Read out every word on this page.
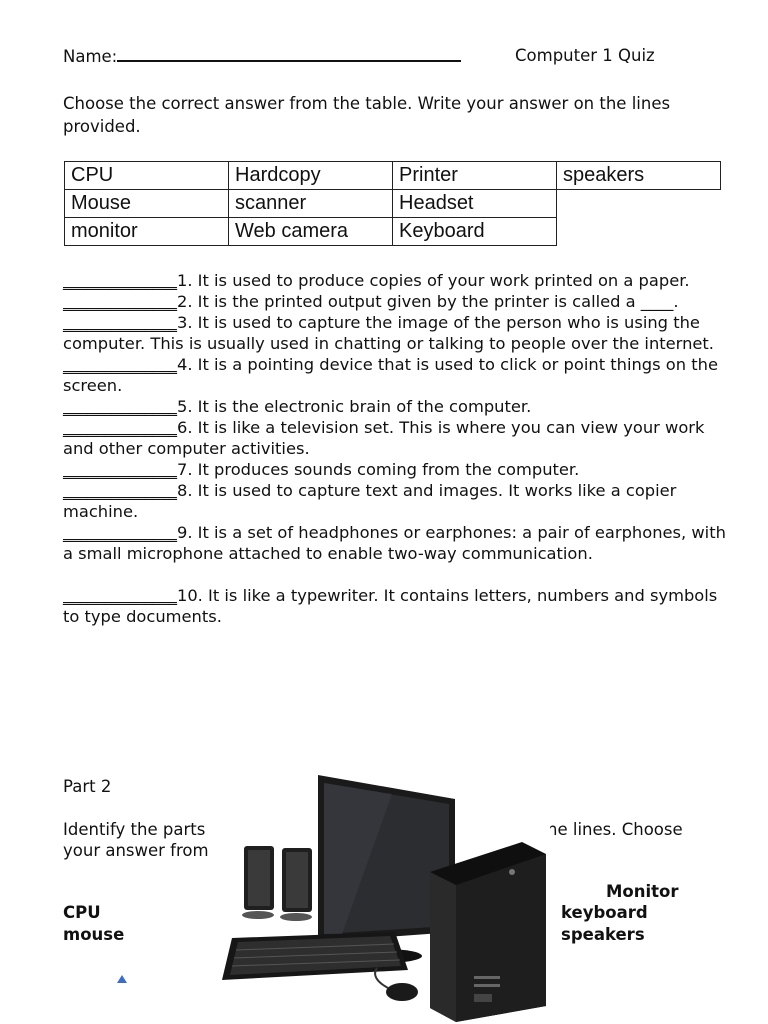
Name:	Computer 1 Quiz
Choose the correct answer from the table. Write your answer on the lines provided.
CPU	Hardcopy	Printer	speakers
Mouse	scanner	Headset	
monitor	Web camera	Keyboard	

______________1. It is used to produce copies of your work printed on a paper. ______________2. It is the printed output given by the printer is called a ____.

______________3. It is used to capture the image of the person who is using the computer. This is usually used in chatting or talking to people over the internet. ______________4. It is a pointing device that is used to click or point things on the screen.

______________5. It is the electronic brain of the computer.

______________6. It is like a television set. This is where you can view your work and other computer activities.

______________7. It produces sounds coming from the computer.

______________8. It is used to capture text and images. It works like a copier machine.

______________9. It is a set of headphones or earphones: a pair of earphones, with a small microphone attached to enable two-way communication.

______________10. It is like a typewriter. It contains letters, numbers and symbols to type documents.

Part 2
Identify the parts	he lines. Choose
your answer from
CPU
mouse
Monitor
keyboard
speakers
